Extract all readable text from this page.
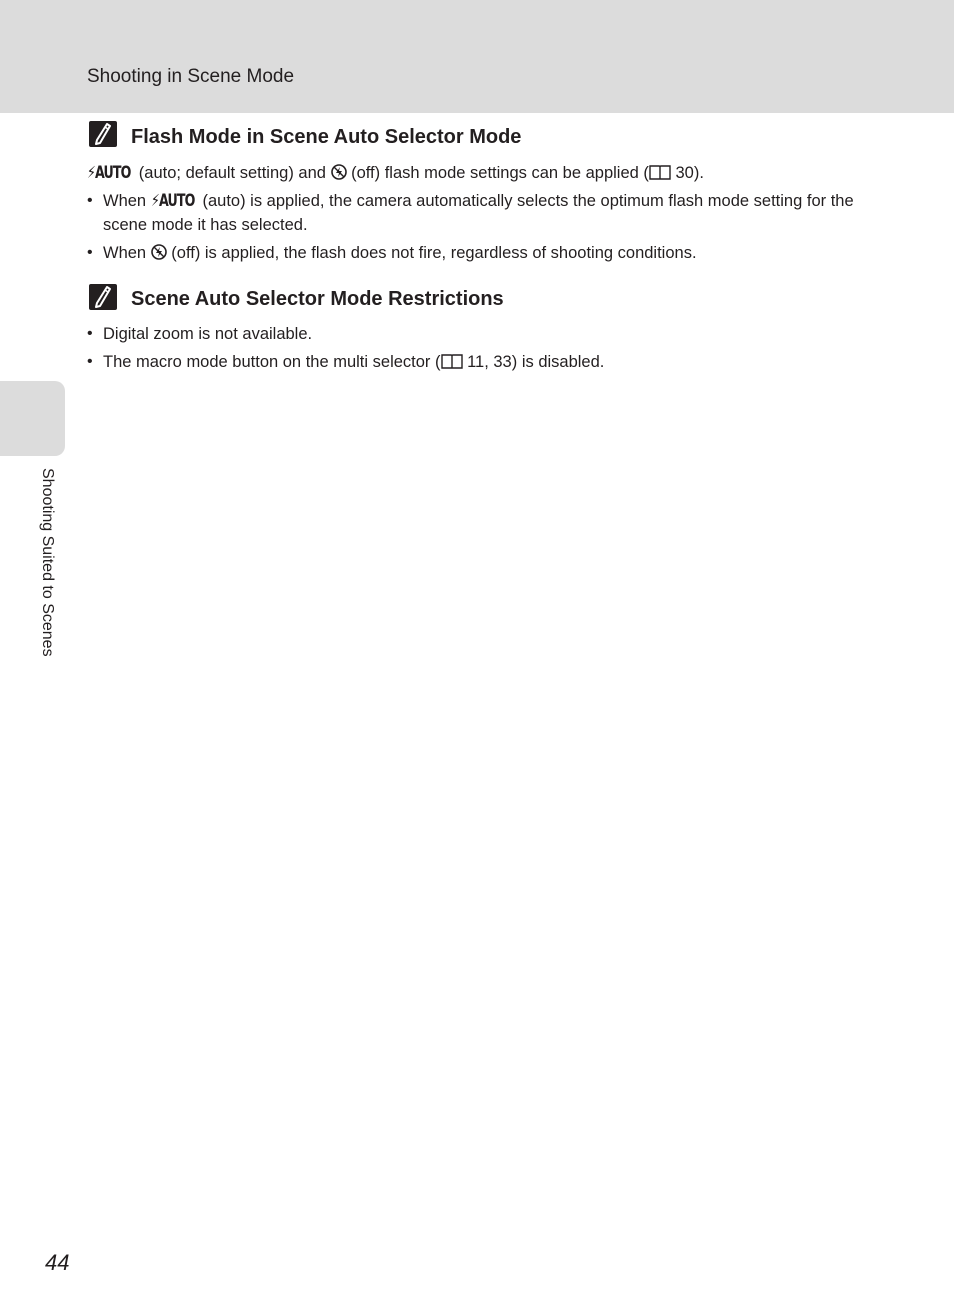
Shooting in Scene Mode
Shooting Suited to Scenes
Flash Mode in Scene Auto Selector Mode
⚡AUTO (auto; default setting) and  (off) flash mode settings can be applied ( 30).
• When ⚡AUTO (auto) is applied, the camera automatically selects the optimum flash mode setting for the scene mode it has selected.
• When  (off) is applied, the flash does not fire, regardless of shooting conditions.
Scene Auto Selector Mode Restrictions
• Digital zoom is not available.
• The macro mode button on the multi selector ( 11, 33) is disabled.
44
